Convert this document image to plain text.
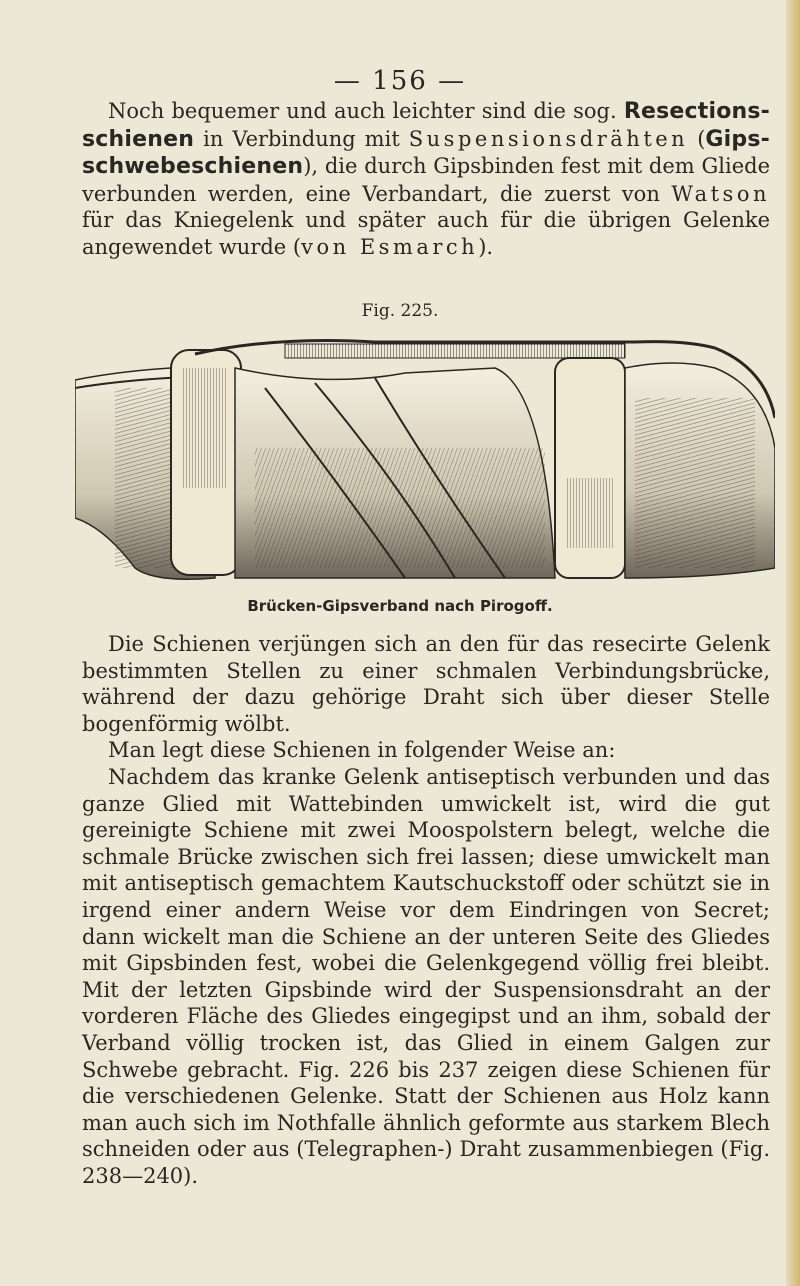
— 156 —

Noch bequemer und auch leichter sind die sog. Resections-schienen in Verbindung mit Suspensionsdrähten (Gips-schwebeschienen), die durch Gipsbinden fest mit dem Gliede verbunden werden, eine Verbandart, die zuerst von Watson für das Kniegelenk und später auch für die übrigen Gelenke angewendet wurde (von Esmarch).

Fig. 225.
Brücken-Gipsverband nach Pirogoff.

Die Schienen verjüngen sich an den für das resecirte Gelenk bestimmten Stellen zu einer schmalen Verbindungsbrücke, während der dazu gehörige Draht sich über dieser Stelle bogenförmig wölbt.

Man legt diese Schienen in folgender Weise an:

Nachdem das kranke Gelenk antiseptisch verbunden und das ganze Glied mit Wattebinden umwickelt ist, wird die gut gereinigte Schiene mit zwei Moospolstern belegt, welche die schmale Brücke zwischen sich frei lassen; diese umwickelt man mit antiseptisch gemachtem Kautschuckstoff oder schützt sie in irgend einer andern Weise vor dem Eindringen von Secret; dann wickelt man die Schiene an der unteren Seite des Gliedes mit Gipsbinden fest, wobei die Gelenkgegend völlig frei bleibt. Mit der letzten Gipsbinde wird der Suspensionsdraht an der vorderen Fläche des Gliedes eingegipst und an ihm, sobald der Verband völlig trocken ist, das Glied in einem Galgen zur Schwebe gebracht. Fig. 226 bis 237 zeigen diese Schienen für die verschiedenen Gelenke. Statt der Schienen aus Holz kann man auch sich im Nothfalle ähnlich geformte aus starkem Blech schneiden oder aus (Telegraphen-) Draht zusammenbiegen (Fig. 238—240).
